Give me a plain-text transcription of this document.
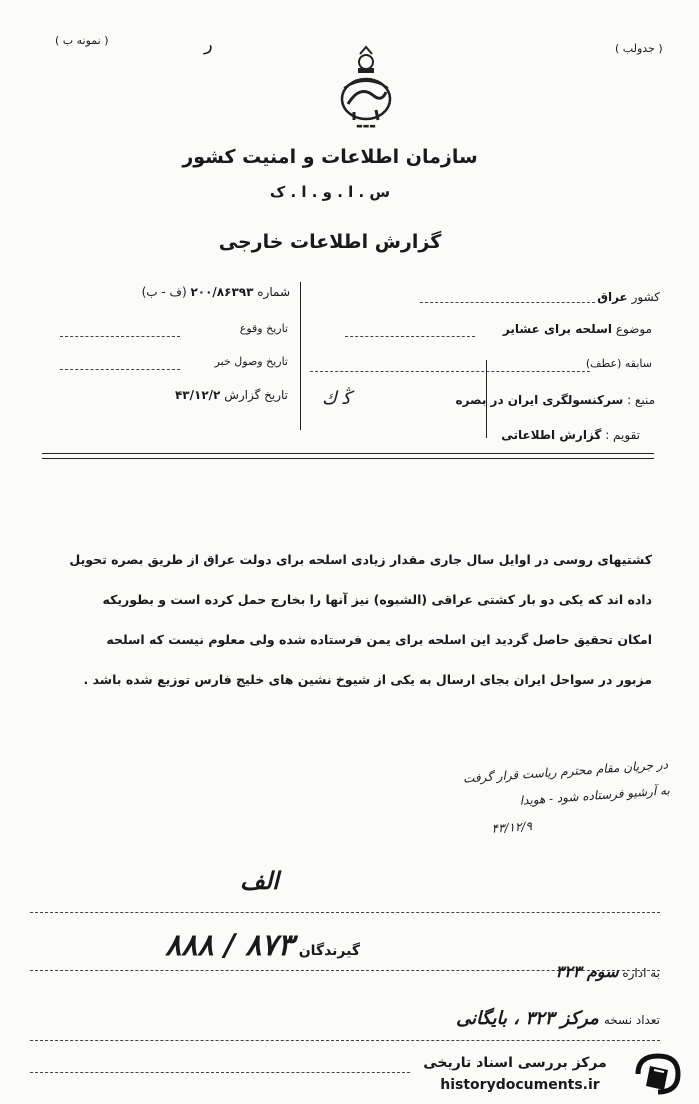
( نمونه ب )
( جدولب )
ر
▬▬▬
سازمان اطلاعات و امنیت کشور
س . ا . و . ا . ک
گزارش اطلاعات خارجی
کشور عراق
موضوع اسلحه برای عشایر
سابقه (عطف)
منبع : سرکنسولگری ایران در بصره
ﯕ ﻙ
تقویم : گزارش اطلاعاتی
شماره ۲۰۰/۸۶۳۹۳ (ف - ب)
تاریخ وقوع
تاریخ وصول خبر
تاریخ گزارش ۴۳/۱۲/۲
کشتیهای روسی در اوایل سال جاری مقدار زیادی اسلحه برای دولت عراق از طریق بصره تحویل
داده اند که یکی دو بار کشتی عراقی (الشبوه) نیز آنها را بخارج حمل کرده است و بطوریکه
امکان تحقیق حاصل گردید این اسلحه برای یمن فرستاده شده ولی معلوم نیست که اسلحه
مزبور در سواحل ایران بجای ارسال به یکی از شیوخ نشین های خلیج فارس توزیع شده باشد .
در جریان مقام محترم ریاست قرار گرفت
به آرشیو فرستاده شود - هویدا
۴۳/۱۲/۹
الف
گیرندگان ۸۷۳ / ۸۸۸
به اداره سوم ۳۲۳
تعداد نسخه مرکز ۳۲۳ ، بایگانی
مرکز بررسی اسناد تاریخی
historydocuments.ir
